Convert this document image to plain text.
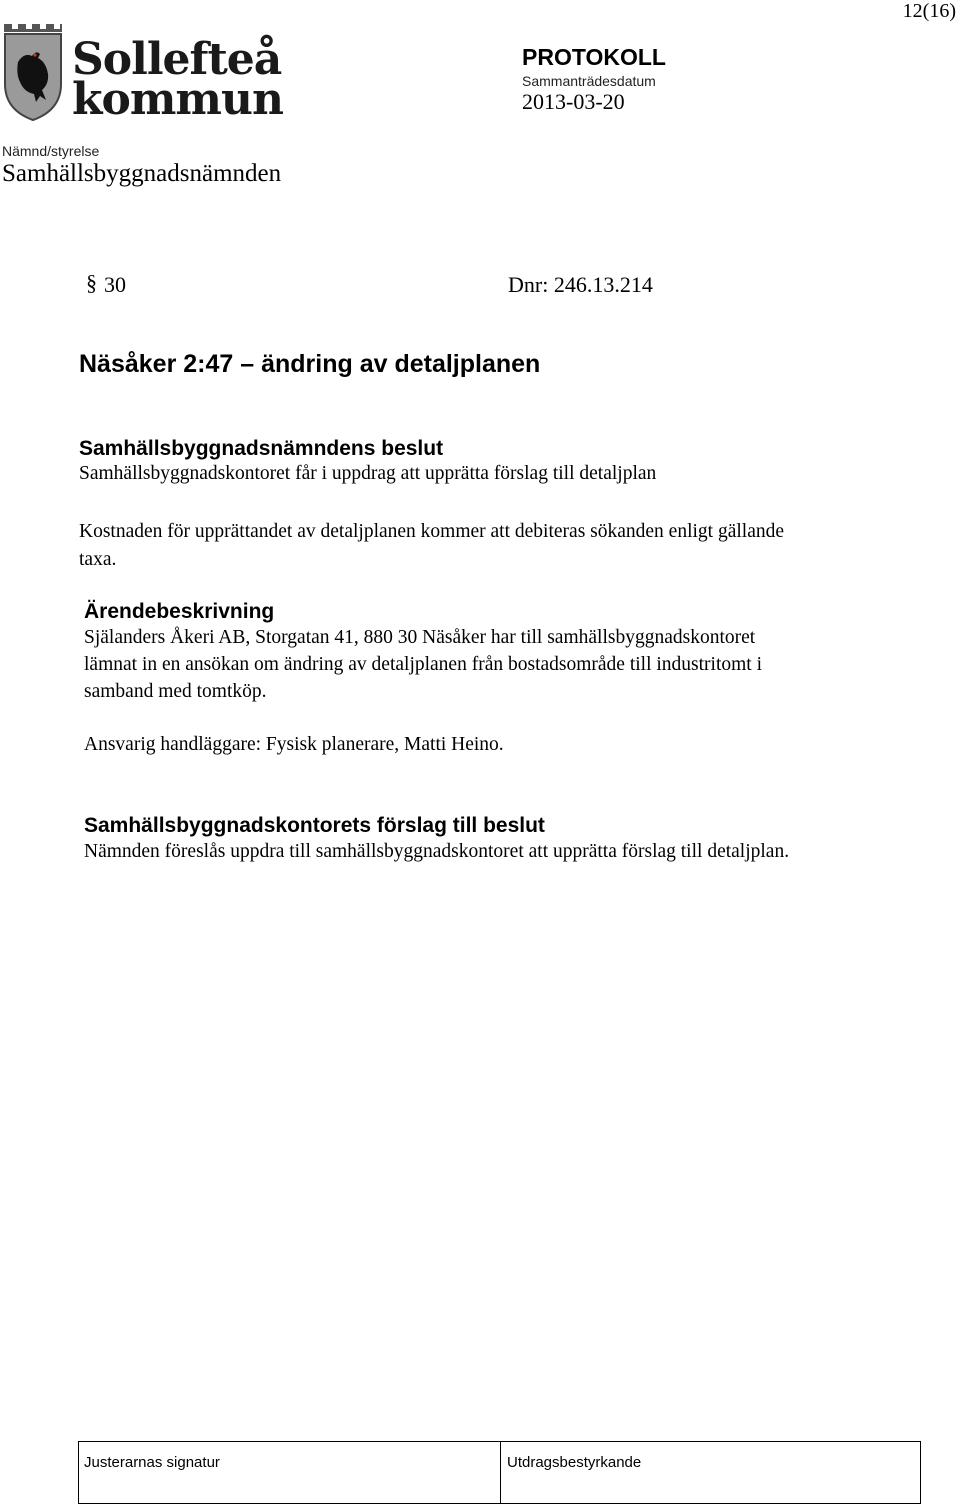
12(16)
Sollefteå
kommun
PROTOKOLL
Sammanträdesdatum
2013-03-20
Nämnd/styrelse
Samhällsbyggnadsnämnden
§ 30	Dnr: 246.13.214
Näsåker 2:47 – ändring av detaljplanen
Samhällsbyggnadsnämndens beslut
Samhällsbyggnadskontoret får i uppdrag att upprätta förslag till detaljplan
Kostnaden för upprättandet av detaljplanen kommer att debiteras sökanden enligt gällande
taxa.
Ärendebeskrivning
Själanders Åkeri AB, Storgatan 41, 880 30 Näsåker har till samhällsbyggnadskontoret
lämnat in en ansökan om ändring av detaljplanen från bostadsområde till industritomt i
samband med tomtköp.
Ansvarig handläggare: Fysisk planerare, Matti Heino.
Samhällsbyggnadskontorets förslag till beslut
Nämnden föreslås uppdra till samhällsbyggnadskontoret att upprätta förslag till detaljplan.
Justerarnas signatur	Utdragsbestyrkande
